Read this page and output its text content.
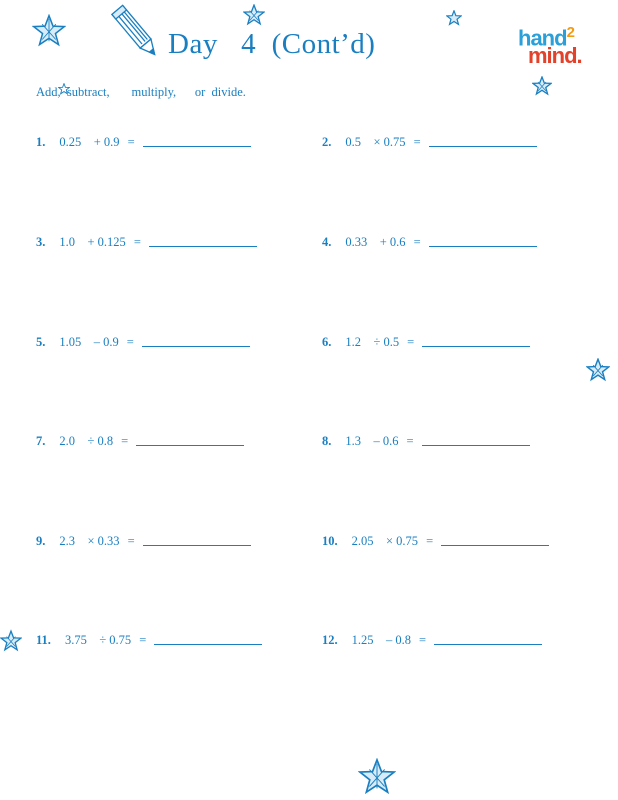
Day   4  (Cont’d)	hand$^2$
mind.
Add,  subtract,       multiply,      or  divide.
1. 0.25    + 0.9 =	2. 0.5    × 0.75 =
3. 1.0    + 0.125 =	4. 0.33    + 0.6 =
5. 1.05    – 0.9 =	6. 1.2    ÷ 0.5 =
7. 2.0    ÷ 0.8 =	8. 1.3    – 0.6 =
9. 2.3    × 0.33 =	10. 2.05    × 0.75 =
11. 3.75    ÷ 0.75 =	12. 1.25    – 0.8 =
